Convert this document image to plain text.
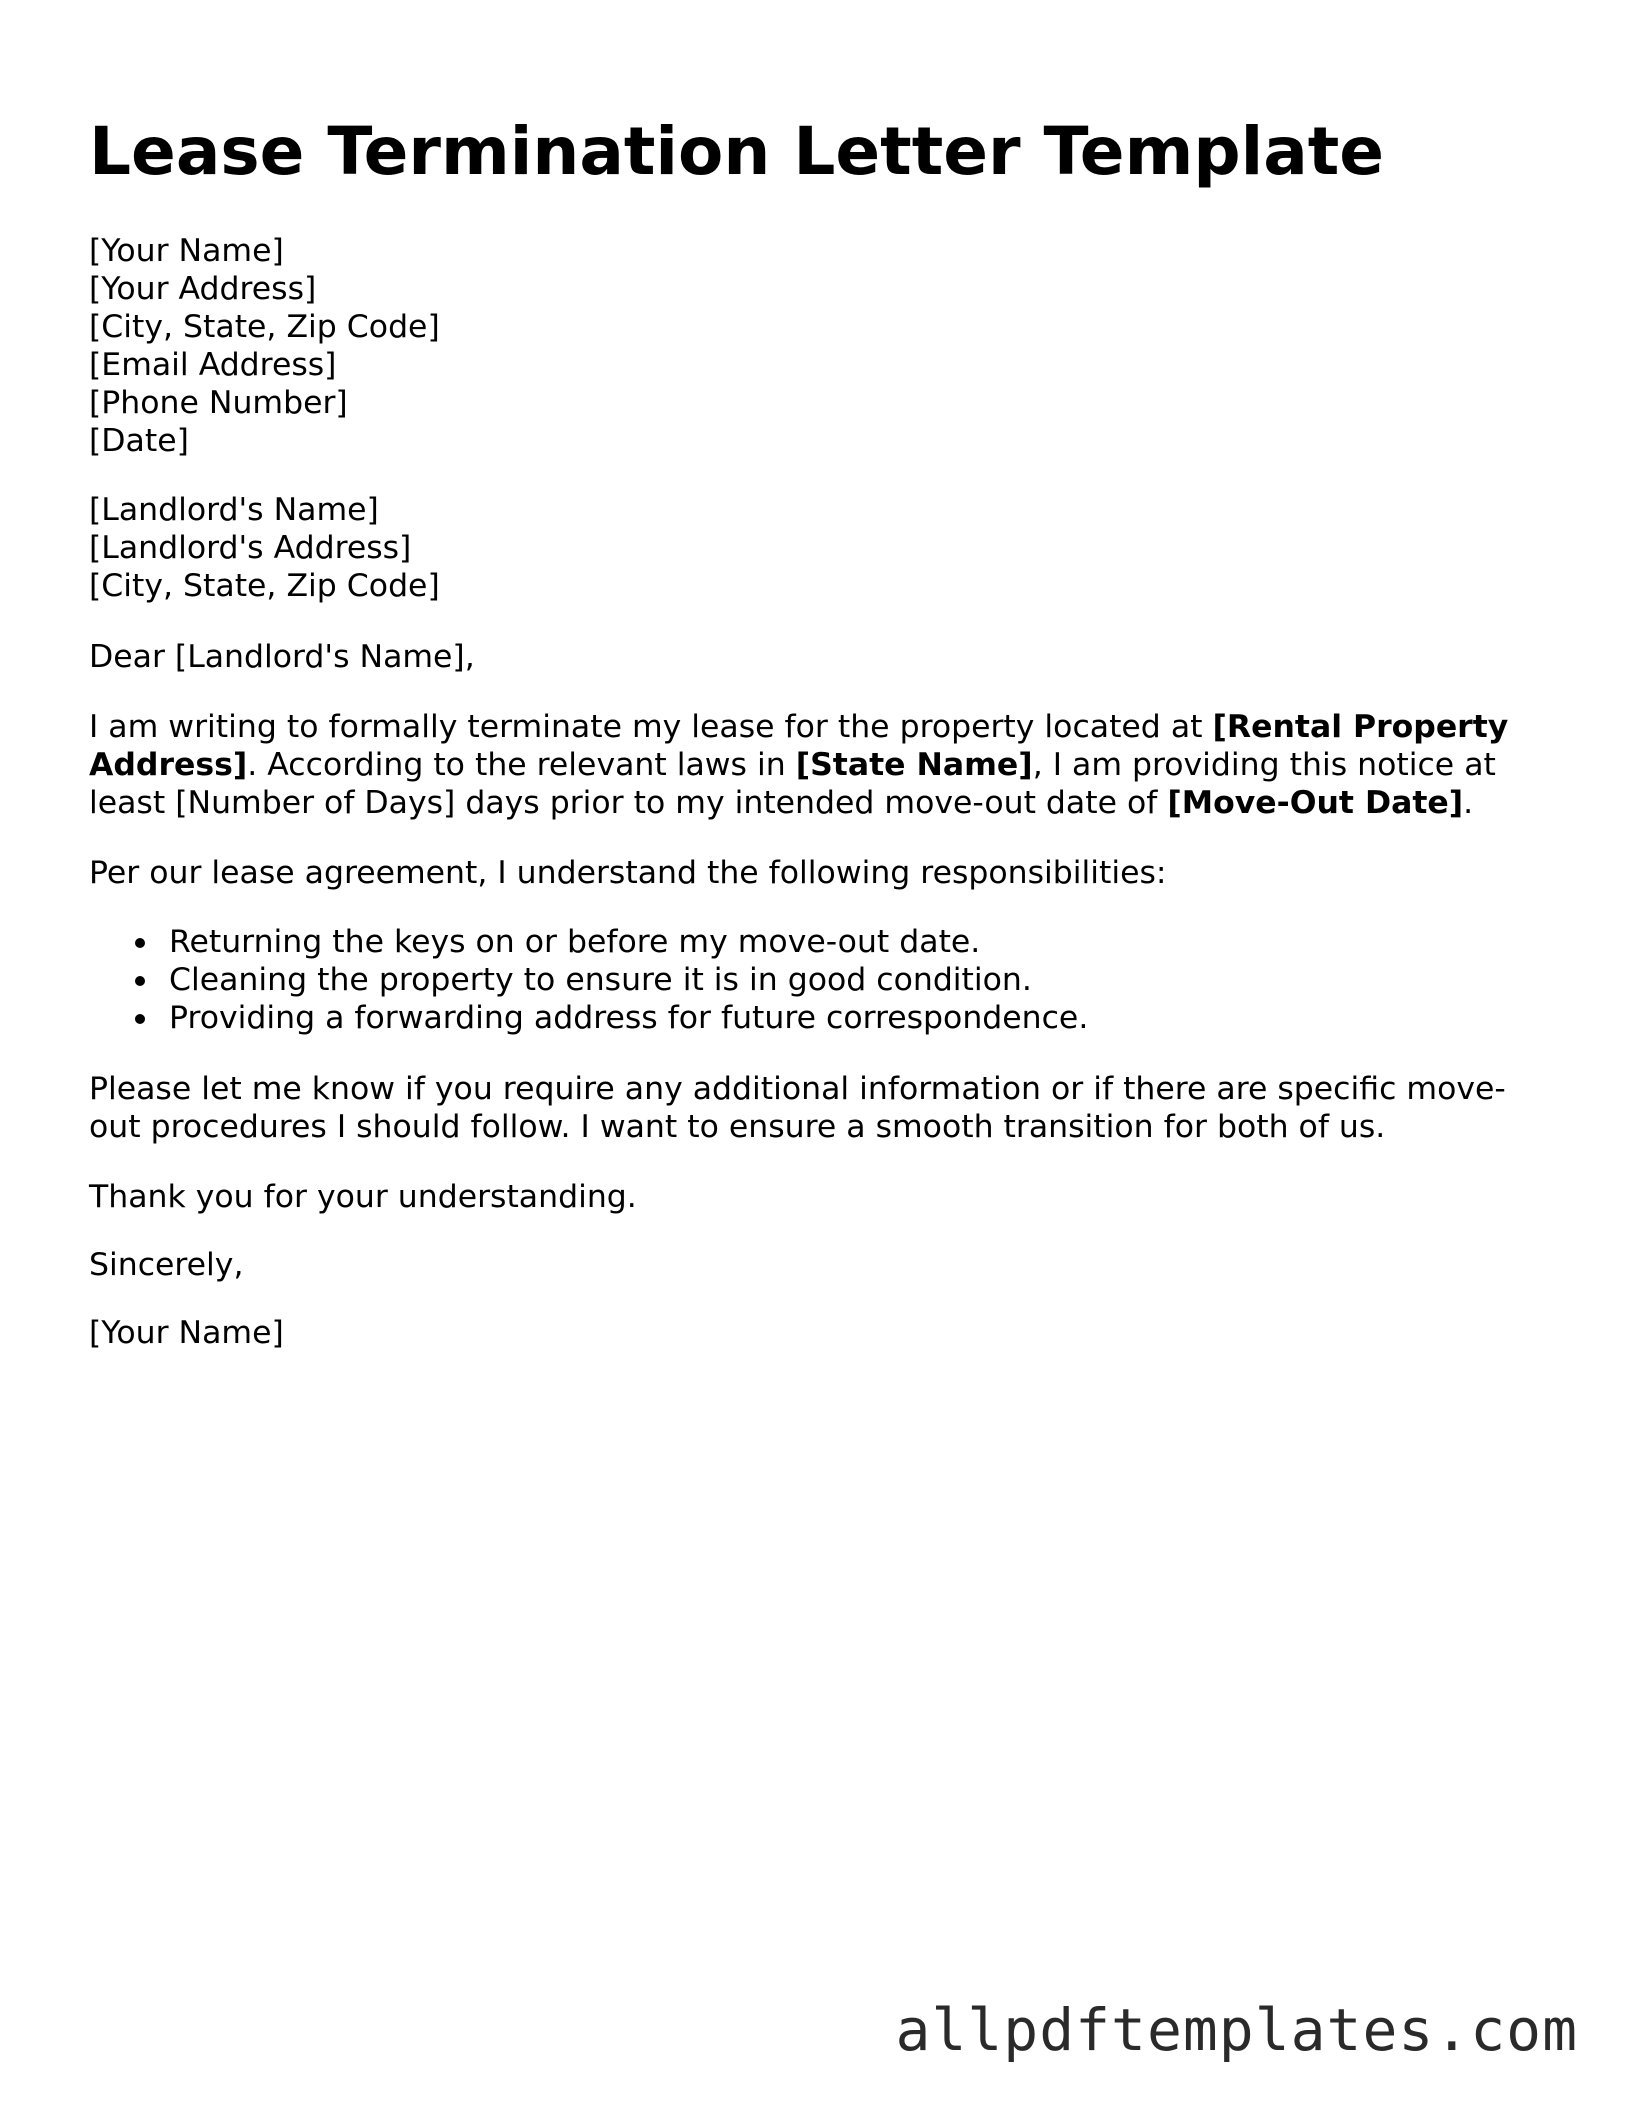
Lease Termination Letter Template
[Your Name]
[Your Address]
[City, State, Zip Code]
[Email Address]
[Phone Number]
[Date]
[Landlord's Name]
[Landlord's Address]
[City, State, Zip Code]
Dear [Landlord's Name],
I am writing to formally terminate my lease for the property located at [Rental Property Address]. According to the relevant laws in [State Name], I am providing this notice at least [Number of Days] days prior to my intended move-out date of [Move-Out Date].
Per our lease agreement, I understand the following responsibilities:
Returning the keys on or before my move-out date.
Cleaning the property to ensure it is in good condition.
Providing a forwarding address for future correspondence.
Please let me know if you require any additional information or if there are specific move-out procedures I should follow. I want to ensure a smooth transition for both of us.
Thank you for your understanding.
Sincerely,
[Your Name]
allpdftemplates.com
